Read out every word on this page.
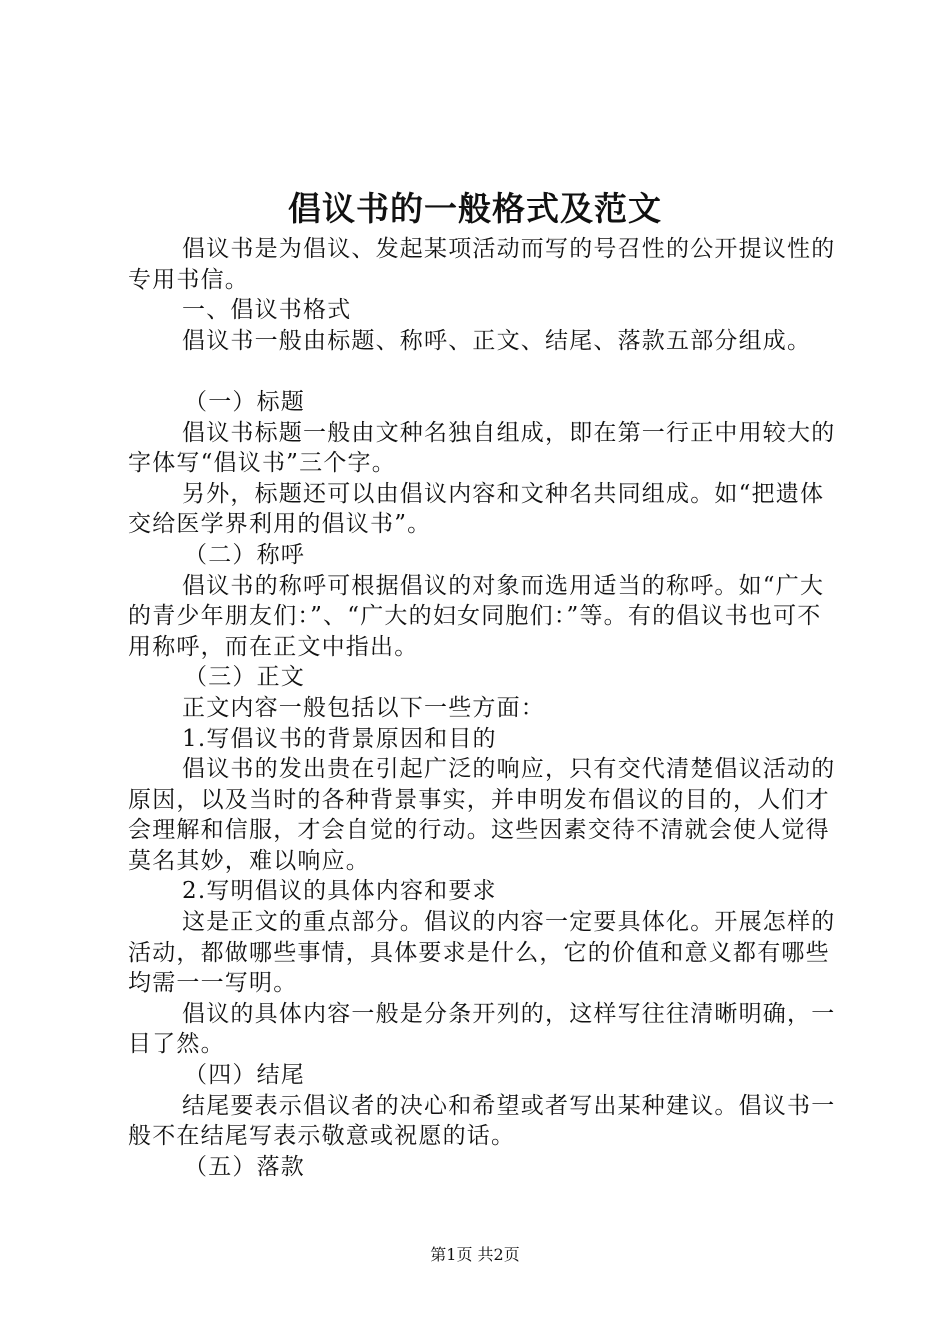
倡议书的一般格式及范文

倡议书是为倡议、发起某项活动而写的号召性的公开提议性的专用书信。

一、倡议书格式

倡议书一般由标题、称呼、正文、结尾、落款五部分组成。

（一）标题

倡议书标题一般由文种名独自组成，即在第一行正中用较大的字体写“倡议书”三个字。

另外，标题还可以由倡议内容和文种名共同组成。如“把遗体交给医学界利用的倡议书”。

（二）称呼

倡议书的称呼可根据倡议的对象而选用适当的称呼。如“广大的青少年朋友们：”、“广大的妇女同胞们：”等。有的倡议书也可不用称呼，而在正文中指出。

（三）正文

正文内容一般包括以下一些方面：

1.写倡议书的背景原因和目的

倡议书的发出贵在引起广泛的响应，只有交代清楚倡议活动的原因，以及当时的各种背景事实，并申明发布倡议的目的，人们才会理解和信服，才会自觉的行动。这些因素交待不清就会使人觉得莫名其妙，难以响应。

2.写明倡议的具体内容和要求

这是正文的重点部分。倡议的内容一定要具体化。开展怎样的活动，都做哪些事情，具体要求是什么，它的价值和意义都有哪些均需一一写明。

倡议的具体内容一般是分条开列的，这样写往往清晰明确，一目了然。

（四）结尾

结尾要表示倡议者的决心和希望或者写出某种建议。倡议书一般不在结尾写表示敬意或祝愿的话。

（五）落款

第1页 共2页
